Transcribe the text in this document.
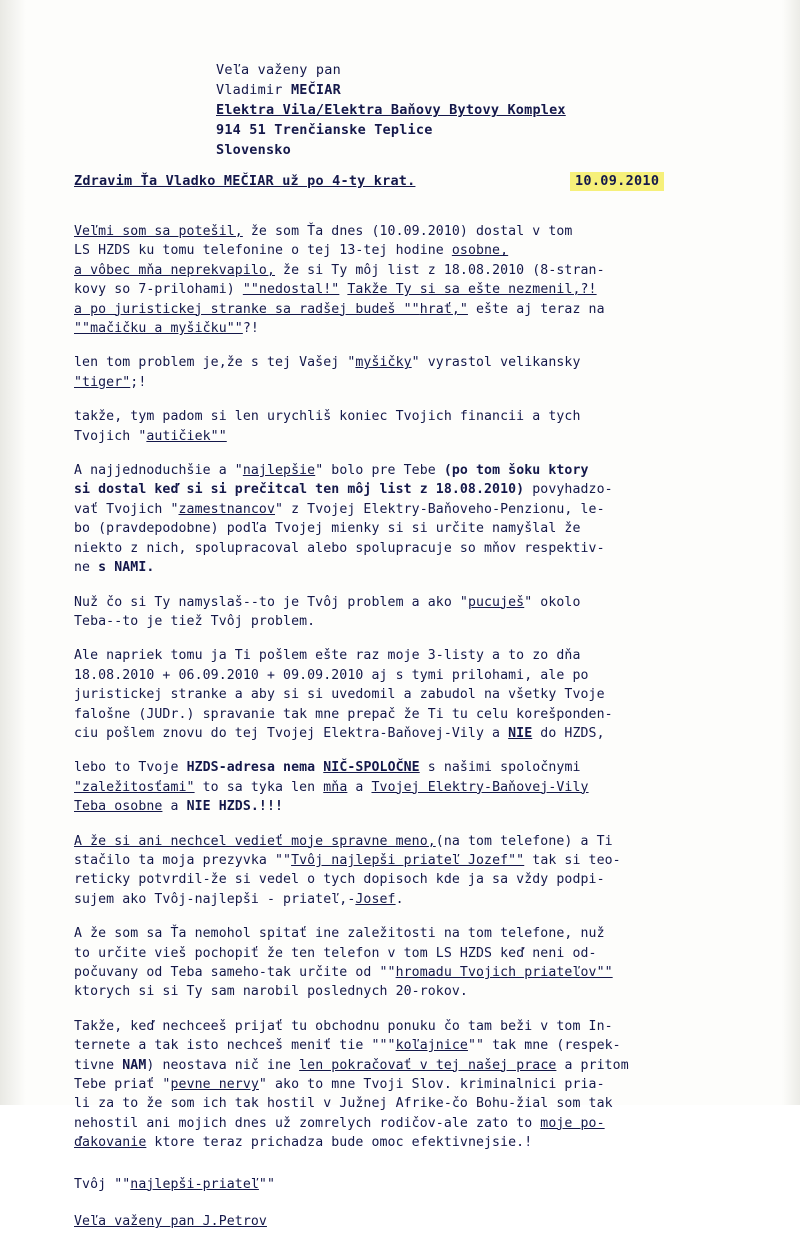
Veľa važeny pan
Vladimir MEČIAR
Elektra Vila/Elektra Baňovy Bytovy Komplex
914 51 Trenčianske Teplice
Slovensko
Zdravim Ťa Vladko MEČIAR už po 4-ty krat.	10.09.2010

Veľmi som sa potešil, že som Ťa dnes (10.09.2010) dostal v tom
LS HZDS ku tomu telefonine o tej 13-tej hodine osobne,
a vôbec mňa neprekvapilo, že si Ty môj list z 18.08.2010 (8-stran-
kovy so 7-prilohami) ""nedostal!" Takže Ty si sa ešte nezmenil,?!
a po juristickej stranke sa radšej budeš ""hrať," ešte aj teraz na
""mačičku a myšičku""?!

len tom problem je,že s tej Vašej "myšičky" vyrastol velikansky
"tiger";!

takže, tym padom si len urychliš koniec Tvojich financii a tych
Tvojich "autičiek""

A najjednoduchšie a "najlepšie" bolo pre Tebe (po tom šoku ktory
si dostal keď si si prečitcal ten môj list z 18.08.2010) povyhadzo-
vať Tvojich "zamestnancov" z Tvojej Elektry-Baňoveho-Penzionu, le-
bo (pravdepodobne) podľa Tvojej mienky si si určite namyšlal že
niekto z nich, spolupracoval alebo spolupracuje so mňov respektiv-
ne s NAMI.

Nuž čo si Ty namyslaš--to je Tvôj problem a ako "pucuješ" okolo
Teba--to je tiež Tvôj problem.

Ale napriek tomu ja Ti pošlem ešte raz moje 3-listy a to zo dňa
18.08.2010 + 06.09.2010 + 09.09.2010 aj s tymi prilohami, ale po
juristickej stranke a aby si si uvedomil a zabudol na všetky Tvoje
falošne (JUDr.) spravanie tak mne prepač že Ti tu celu korešponden-
ciu pošlem znovu do tej Tvojej Elektra-Baňovej-Vily a NIE do HZDS,

lebo to Tvoje HZDS-adresa nema NIČ-SPOLOČNE s našimi spoločnymi
"zaležitosťami" to sa tyka len mňa a Tvojej Elektry-Baňovej-Vily
Teba osobne a NIE HZDS.!!!

A že si ani nechcel vedieť moje spravne meno,(na tom telefone) a Ti
stačilo ta moja prezyvka ""Tvôj najlepši priateľ Jozef"" tak si teo-
reticky potvrdil-že si vedel o tych dopisoch kde ja sa vždy podpi-
sujem ako Tvôj-najlepši - priateľ,-Josef.

A že som sa Ťa nemohol spitať ine zaležitosti na tom telefone, nuž
to určite vieš pochopiť že ten telefon v tom LS HZDS keď neni od-
počuvany od Teba sameho-tak určite od ""hromadu Tvojich priateľov""
ktorych si si Ty sam narobil poslednych 20-rokov.

Takže, keď nechceeš prijať tu obchodnu ponuku čo tam beži v tom In-
ternete a tak isto nechceš meniť tie """koľajnice"" tak mne (respek-
tivne NAM) neostava nič ine len pokračovať v tej našej prace a pritom
Tebe priať "pevne nervy" ako to mne Tvoji Slov. kriminalnici pria-
li za to že som ich tak hostil v Južnej Afrike-čo Bohu-žial som tak
nehostil ani mojich dnes už zomrelych rodičov-ale zato to moje po-
ďakovanie ktore teraz prichadza bude omoc efektivnejsie.!

Tvôj ""najlepši-priateľ""

Veľa važeny pan J.Petrov
